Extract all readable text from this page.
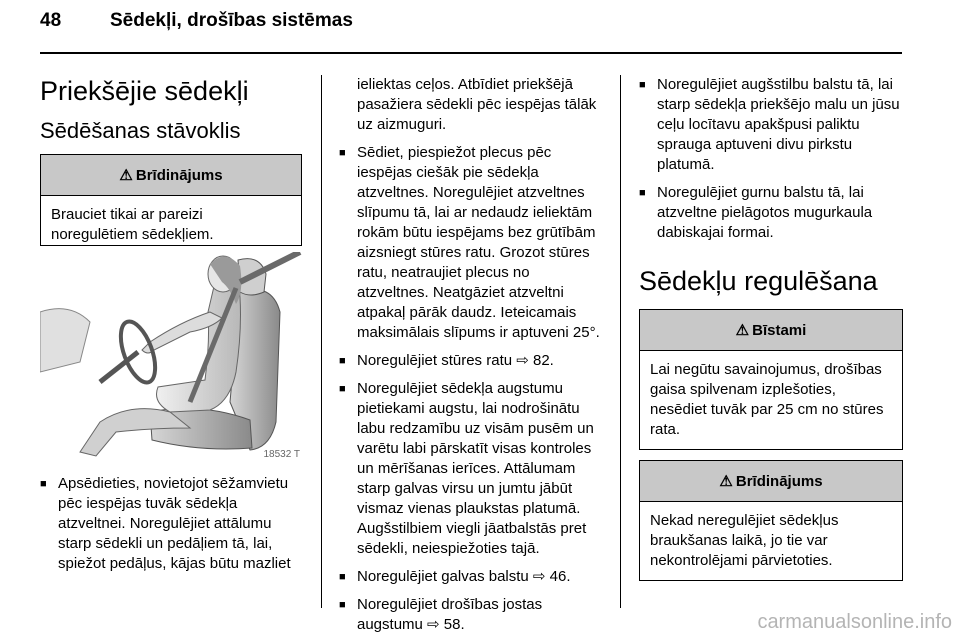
48	Sēdekļi, drošības sistēmas
Priekšējie sēdekļi
Sēdēšanas stāvoklis
⚠ Brīdinājums
Brauciet tikai ar pareizi noregulētiem sēdekļiem.
18532 T
■ Apsēdieties, novietojot sēžamvietu pēc iespējas tuvāk sēdekļa atzveltnei. Noregulējiet attālumu starp sēdekli un pedāļiem tā, lai, spiežot pedāļus, kājas būtu mazliet

ieliektas ceļos. Atbīdiet priekšējā pasažiera sēdekli pēc iespējas tālāk uz aizmuguri.

■ Sēdiet, piespiežot plecus pēc iespējas ciešāk pie sēdekļa atzveltnes. Noregulējiet atzveltnes slīpumu tā, lai ar nedaudz ieliektām rokām būtu iespējams bez grūtībām aizsniegt stūres ratu. Grozot stūres ratu, neatraujiet plecus no atzveltnes. Neatgāziet atzveltni atpakaļ pārāk daudz. Ieteicamais maksimālais slīpums ir aptuveni 25°.
■ Noregulējiet stūres ratu ⇨ 82.
■ Noregulējiet sēdekļa augstumu pietiekami augstu, lai nodrošinātu labu redzamību uz visām pusēm un varētu labi pārskatīt visas kontroles un mērīšanas ierīces. Attālumam starp galvas virsu un jumtu jābūt vismaz vienas plaukstas platumā. Augšstilbiem viegli jāatbalstās pret sēdekli, neiespiežoties tajā.
■ Noregulējiet galvas balstu ⇨ 46.
■ Noregulējiet drošības jostas augstumu ⇨ 58.
■ Noregulējiet augšstilbu balstu tā, lai starp sēdekļa priekšējo malu un jūsu ceļu locītavu apakšpusi paliktu sprauga aptuveni divu pirkstu platumā.
■ Noregulējiet gurnu balstu tā, lai atzveltne pielāgotos mugurkaula dabiskajai formai.
Sēdekļu regulēšana
⚠ Bīstami
Lai negūtu savainojumus, drošības gaisa spilvenam izplešoties, nesēdiet tuvāk par 25 cm no stūres rata.
⚠ Brīdinājums
Nekad neregulējiet sēdekļus braukšanas laikā, jo tie var nekontrolējami pārvietoties.
carmanualsonline.info
